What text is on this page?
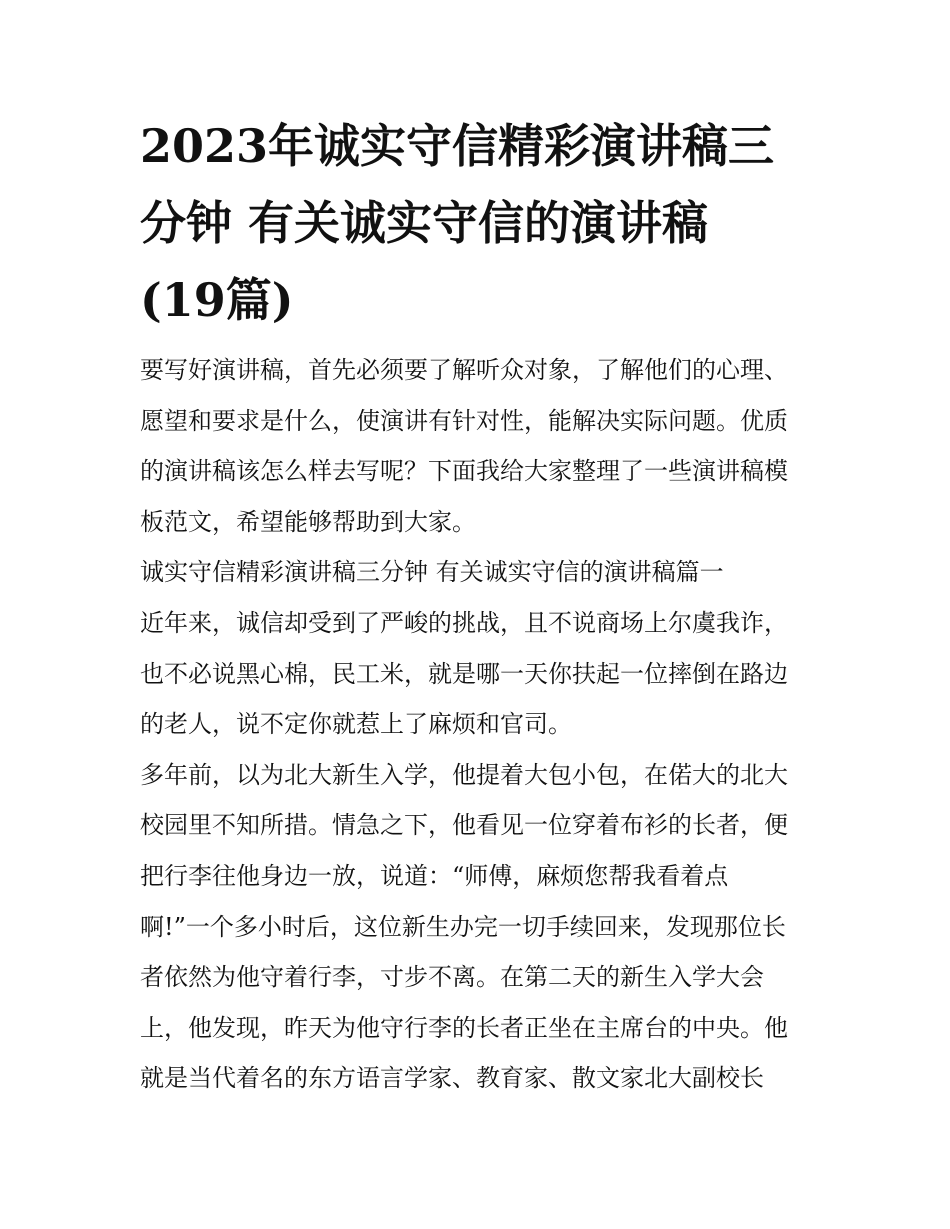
2023年诚实守信精彩演讲稿三
分钟 有关诚实守信的演讲稿
(19篇)
要写好演讲稿，首先必须要了解听众对象，了解他们的心理、
愿望和要求是什么，使演讲有针对性，能解决实际问题。优质
的演讲稿该怎么样去写呢？下面我给大家整理了一些演讲稿模
板范文，希望能够帮助到大家。
诚实守信精彩演讲稿三分钟 有关诚实守信的演讲稿篇一
近年来，诚信却受到了严峻的挑战，且不说商场上尔虞我诈，
也不必说黑心棉，民工米，就是哪一天你扶起一位摔倒在路边
的老人，说不定你就惹上了麻烦和官司。
多年前，以为北大新生入学，他提着大包小包，在偌大的北大
校园里不知所措。情急之下，他看见一位穿着布衫的长者，便
把行李往他身边一放，说道：“师傅，麻烦您帮我看着点
啊!”一个多小时后，这位新生办完一切手续回来，发现那位长
者依然为他守着行李，寸步不离。在第二天的新生入学大会
上，他发现，昨天为他守行李的长者正坐在主席台的中央。他
就是当代着名的东方语言学家、教育家、散文家北大副校长
